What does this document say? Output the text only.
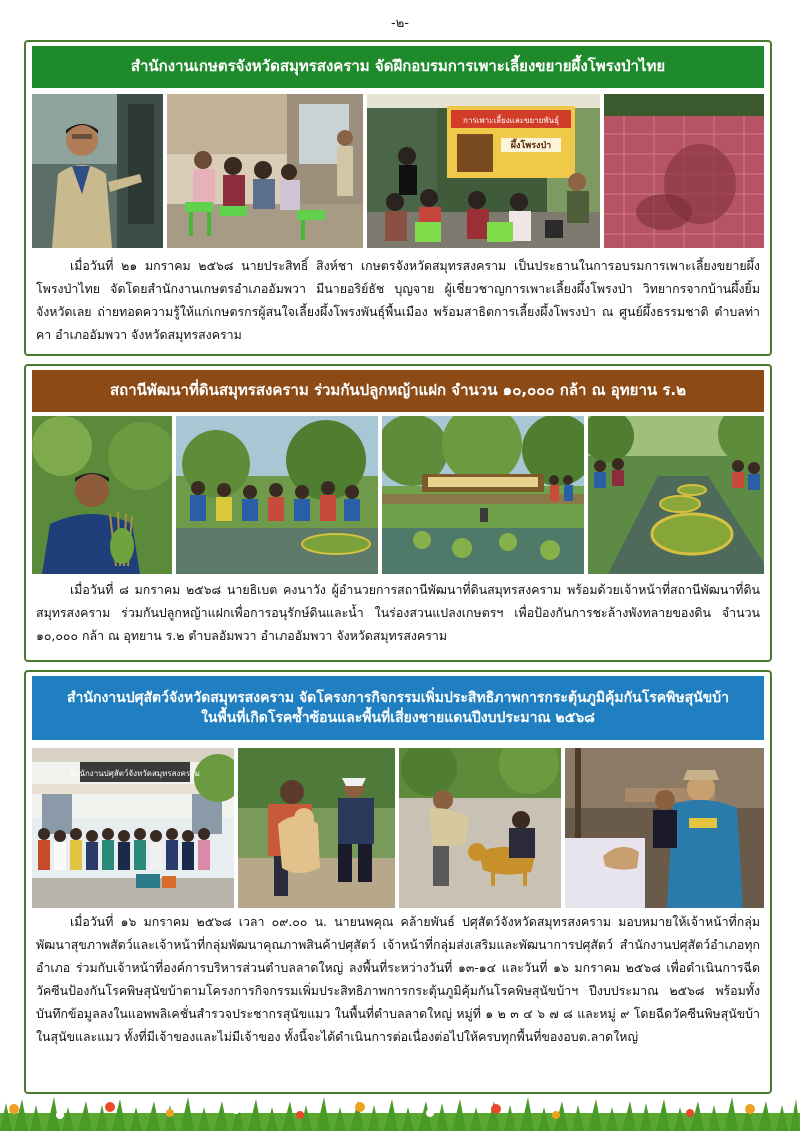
-๒-
สำนักงานเกษตรจังหวัดสมุทรสงคราม จัดฝึกอบรมการเพาะเลี้ยงขยายผึ้งโพรงป่าไทย
การเพาะเลี้ยงและขยายพันธุ์
ผึ้งโพรงป่า
เมื่อวันที่ ๒๑ มกราคม ๒๕๖๘ นายประสิทธิ์ สิงห์ชา เกษตรจังหวัดสมุทรสงคราม เป็นประธานในการอบรมการเพาะเลี้ยงขยายผึ้งโพรงป่าไทย จัดโดยสำนักงานเกษตรอำเภออัมพวา มีนายอริย์ธัช บุญจาย ผู้เชี่ยวชาญการเพาะเลี้ยงผึ้งโพรงป่า วิทยากรจากบ้านผึ้งยิ้ม จังหวัดเลย ถ่ายทอดความรู้ให้แก่เกษตรกรผู้สนใจเลี้ยงผึ้งโพรงพันธุ์พื้นเมือง พร้อมสาธิตการเลี้ยงผึ้งโพรงป่า ณ ศูนย์ผึ้งธรรมชาติ ตำบลท่าคา อำเภออัมพวา จังหวัดสมุทรสงคราม
สถานีพัฒนาที่ดินสมุทรสงคราม ร่วมกันปลูกหญ้าแฝก จำนวน ๑๐,๐๐๐ กล้า ณ อุทยาน ร.๒
เมื่อวันที่ ๘ มกราคม ๒๕๖๘ นายธิเบต คงนาวัง ผู้อำนวยการสถานีพัฒนาที่ดินสมุทรสงคราม พร้อมด้วยเจ้าหน้าที่สถานีพัฒนาที่ดินสมุทรสงคราม ร่วมกันปลูกหญ้าแฝกเพื่อการอนุรักษ์ดินและน้ำ ในร่องสวนแปลงเกษตรฯ เพื่อป้องกันการชะล้างพังทลายของดิน จำนวน ๑๐,๐๐๐ กล้า ณ อุทยาน ร.๒ ตำบลอัมพวา อำเภออัมพวา จังหวัดสมุทรสงคราม
สำนักงานปศุสัตว์จังหวัดสมุทรสงคราม จัดโครงการกิจกรรมเพิ่มประสิทธิภาพการกระตุ้นภูมิคุ้มกันโรคพิษสุนัขบ้า
ในพื้นที่เกิดโรคซ้ำซ้อนและพื้นที่เสี่ยงชายแดนปีงบประมาณ ๒๕๖๘
สำนักงานปศุสัตว์จังหวัดสมุทรสงคราม
เมื่อวันที่ ๑๖ มกราคม ๒๕๖๘ เวลา ๐๙.๐๐ น. นายนพคุณ คล้ายพันธ์ ปศุสัตว์จังหวัดสมุทรสงคราม มอบหมายให้เจ้าหน้าที่กลุ่มพัฒนาสุขภาพสัตว์และเจ้าหน้าที่กลุ่มพัฒนาคุณภาพสินค้าปศุสัตว์ เจ้าหน้าที่กลุ่มส่งเสริมและพัฒนาการปศุสัตว์ สำนักงานปศุสัตว์อำเภอทุกอำเภอ ร่วมกับเจ้าหน้าที่องค์การบริหารส่วนตำบลลาดใหญ่ ลงพื้นที่ระหว่างวันที่ ๑๓-๑๔ และวันที่ ๑๖ มกราคม ๒๕๖๘ เพื่อดำเนินการฉีดวัคซีนป้องกันโรคพิษสุนัขบ้าตามโครงการกิจกรรมเพิ่มประสิทธิภาพการกระตุ้นภูมิคุ้มกันโรคพิษสุนัขบ้าฯ ปีงบประมาณ ๒๕๖๘ พร้อมทั้งบันทึกข้อมูลลงในแอพพลิเคชั่นสำรวจประชากรสุนัขแมว ในพื้นที่ตำบลลาดใหญ่ หมู่ที่ ๑ ๒ ๓ ๔ ๖ ๗ ๘ และหมู่ ๙ โดยฉีดวัคซีนพิษสุนัขบ้าในสุนัขและแมว ทั้งที่มีเจ้าของและไม่มีเจ้าของ ทั้งนี้จะได้ดำเนินการต่อเนื่องต่อไปให้ครบทุกพื้นที่ของอบต.ลาดใหญ่
